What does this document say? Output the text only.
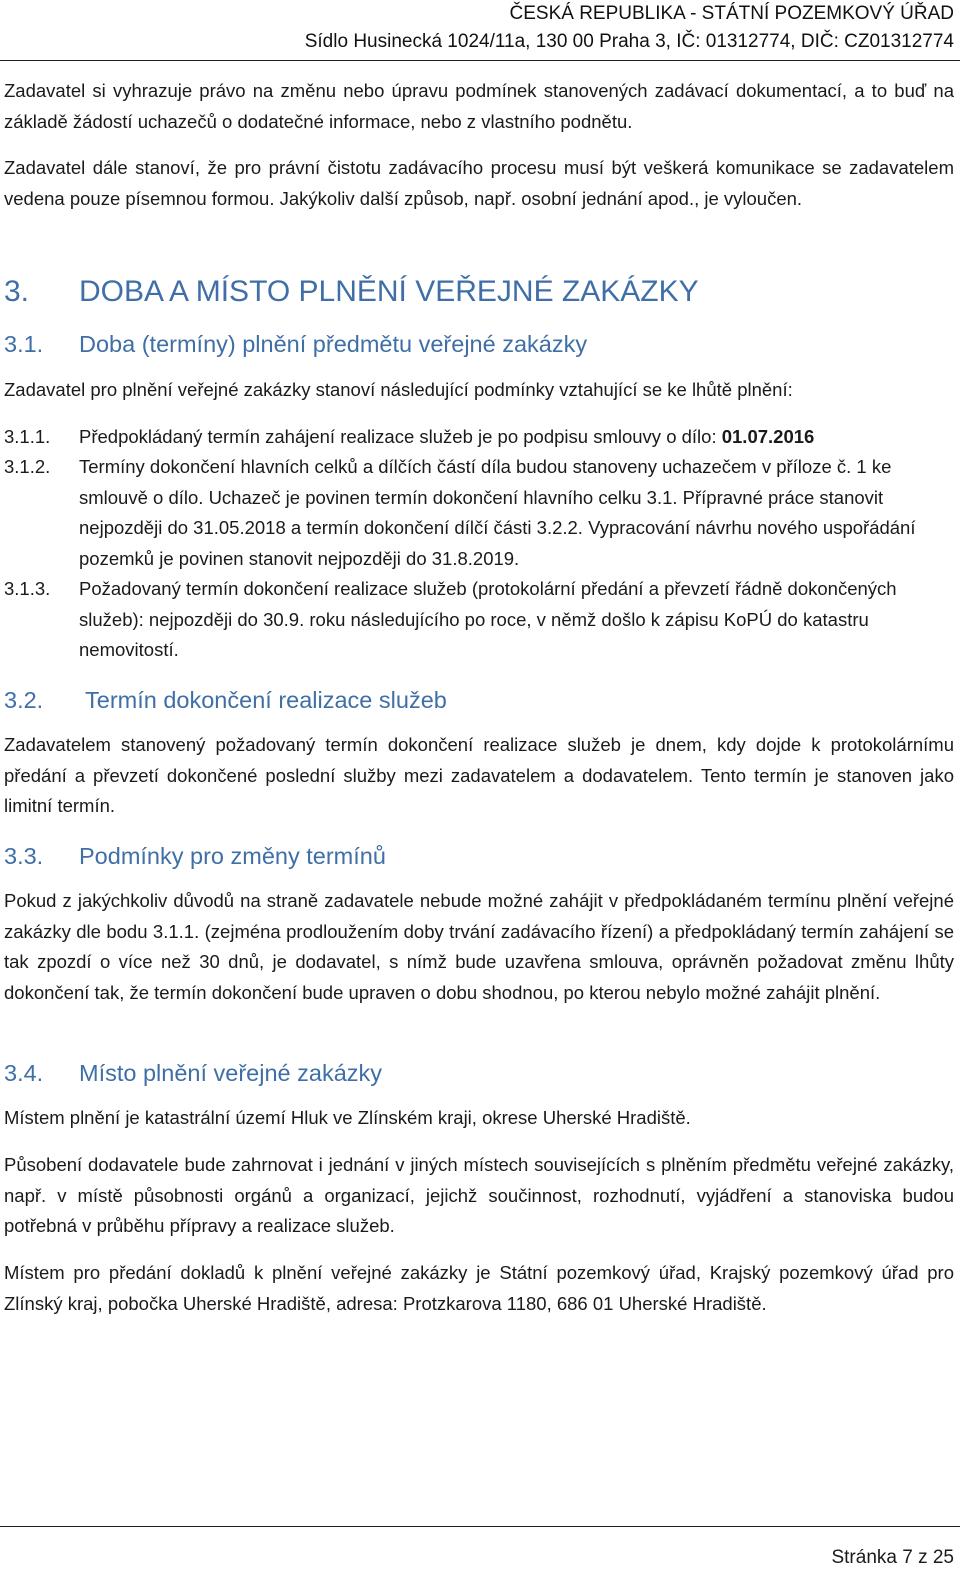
ČESKÁ REPUBLIKA - STÁTNÍ POZEMKOVÝ ÚŘAD
Sídlo Husinecká 1024/11a, 130 00 Praha 3, IČ: 01312774, DIČ: CZ01312774

Zadavatel si vyhrazuje právo na změnu nebo úpravu podmínek stanovených zadávací dokumentací, a to buď na základě žádostí uchazečů o dodatečné informace, nebo z vlastního podnětu.

Zadavatel dále stanoví, že pro právní čistotu zadávacího procesu musí být veškerá komunikace se zadavatelem vedena pouze písemnou formou. Jakýkoliv další způsob, např. osobní jednání apod., je vyloučen.

3. DOBA A MÍSTO PLNĚNÍ VEŘEJNÉ ZAKÁZKY
3.1. Doba (termíny) plnění předmětu veřejné zakázky

Zadavatel pro plnění veřejné zakázky stanoví následující podmínky vztahující se ke lhůtě plnění:

3.1.1.	Předpokládaný termín zahájení realizace služeb je po podpisu smlouvy o dílo: 01.07.2016
3.1.2.	Termíny dokončení hlavních celků a dílčích částí díla budou stanoveny uchazečem v příloze č. 1 ke smlouvě o dílo. Uchazeč je povinen termín dokončení hlavního celku 3.1. Přípravné práce stanovit nejpozději do 31.05.2018 a termín dokončení dílčí části 3.2.2. Vypracování návrhu nového uspořádání pozemků je povinen stanovit nejpozději do 31.8.2019.
3.1.3.	Požadovaný termín dokončení realizace služeb (protokolární předání a převzetí řádně dokončených služeb): nejpozději do 30.9. roku následujícího po roce, v němž došlo k zápisu KoPÚ do katastru nemovitostí.
3.2. Termín dokončení realizace služeb

Zadavatelem stanovený požadovaný termín dokončení realizace služeb je dnem, kdy dojde k protokolárnímu předání a převzetí dokončené poslední služby mezi zadavatelem a dodavatelem. Tento termín je stanoven jako limitní termín.

3.3. Podmínky pro změny termínů

Pokud z jakýchkoliv důvodů na straně zadavatele nebude možné zahájit v předpokládaném termínu plnění veřejné zakázky dle bodu 3.1.1. (zejména prodloužením doby trvání zadávacího řízení) a předpokládaný termín zahájení se tak zpozdí o více než 30 dnů, je dodavatel, s nímž bude uzavřena smlouva, oprávněn požadovat změnu lhůty dokončení tak, že termín dokončení bude upraven o dobu shodnou, po kterou nebylo možné zahájit plnění.

3.4. Místo plnění veřejné zakázky

Místem plnění je katastrální území Hluk ve Zlínském kraji, okrese Uherské Hradiště.

Působení dodavatele bude zahrnovat i jednání v jiných místech souvisejících s plněním předmětu veřejné zakázky, např. v místě působnosti orgánů a organizací, jejichž součinnost, rozhodnutí, vyjádření a stanoviska budou potřebná v průběhu přípravy a realizace služeb.

Místem pro předání dokladů k plnění veřejné zakázky je Státní pozemkový úřad, Krajský pozemkový úřad pro Zlínský kraj, pobočka Uherské Hradiště, adresa: Protzkarova 1180, 686 01 Uherské Hradiště.

Stránka 7 z 25
